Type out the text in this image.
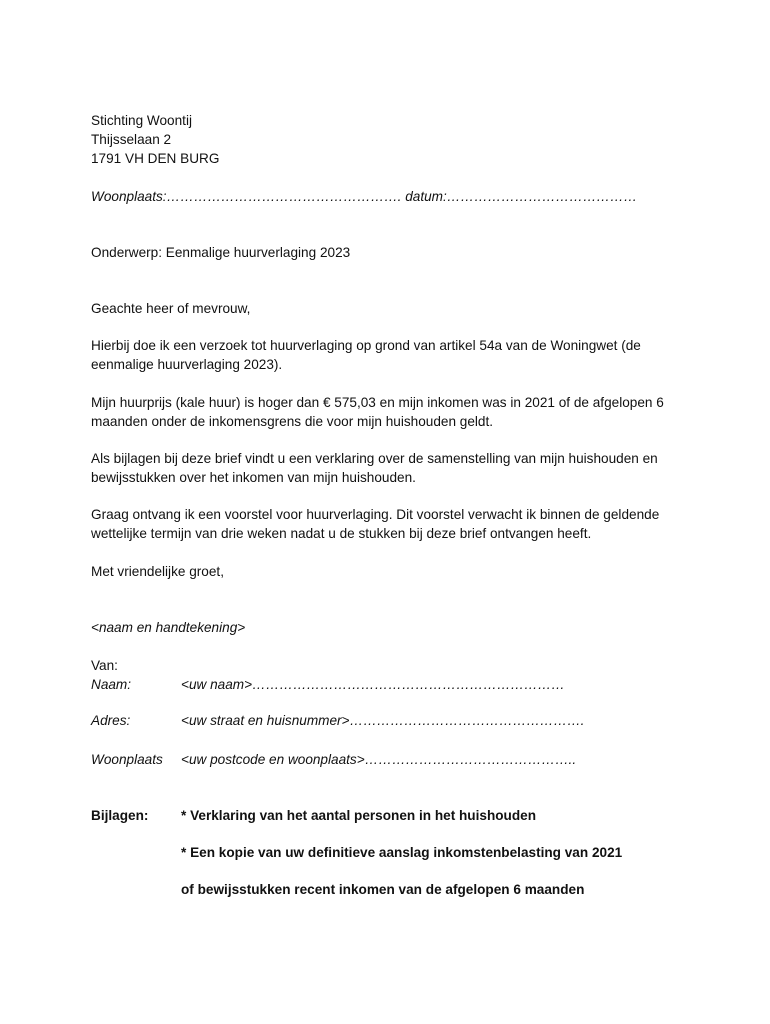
Stichting Woontij
Thijsselaan 2
1791 VH DEN BURG
Woonplaats:……………………………………………. datum:……………………………………
Onderwerp: Eenmalige huurverlaging 2023
Geachte heer of mevrouw,
Hierbij doe ik een verzoek tot huurverlaging op grond van artikel 54a van de Woningwet (de eenmalige huurverlaging 2023).
Mijn huurprijs (kale huur) is hoger dan € 575,03 en mijn inkomen was in 2021 of de afgelopen 6 maanden onder de inkomensgrens die voor mijn huishouden geldt.
Als bijlagen bij deze brief vindt u een verklaring over de samenstelling van mijn huishouden en bewijsstukken over het inkomen van mijn huishouden.
Graag ontvang ik een voorstel voor huurverlaging. Dit voorstel verwacht ik binnen de geldende wettelijke termijn van drie weken nadat u de stukken bij deze brief ontvangen heeft.
Met vriendelijke groet,
<naam en handtekening>
Van:
Naam:	<uw naam>……………………………………………………………
Adres:	<uw straat en huisnummer>…………………………………………….
Woonplaats <uw postcode en woonplaats>………………………………………..
Bijlagen: * Verklaring van het aantal personen in het huishouden
* Een kopie van uw definitieve aanslag inkomstenbelasting van 2021
of bewijsstukken recent inkomen van de afgelopen 6 maanden
